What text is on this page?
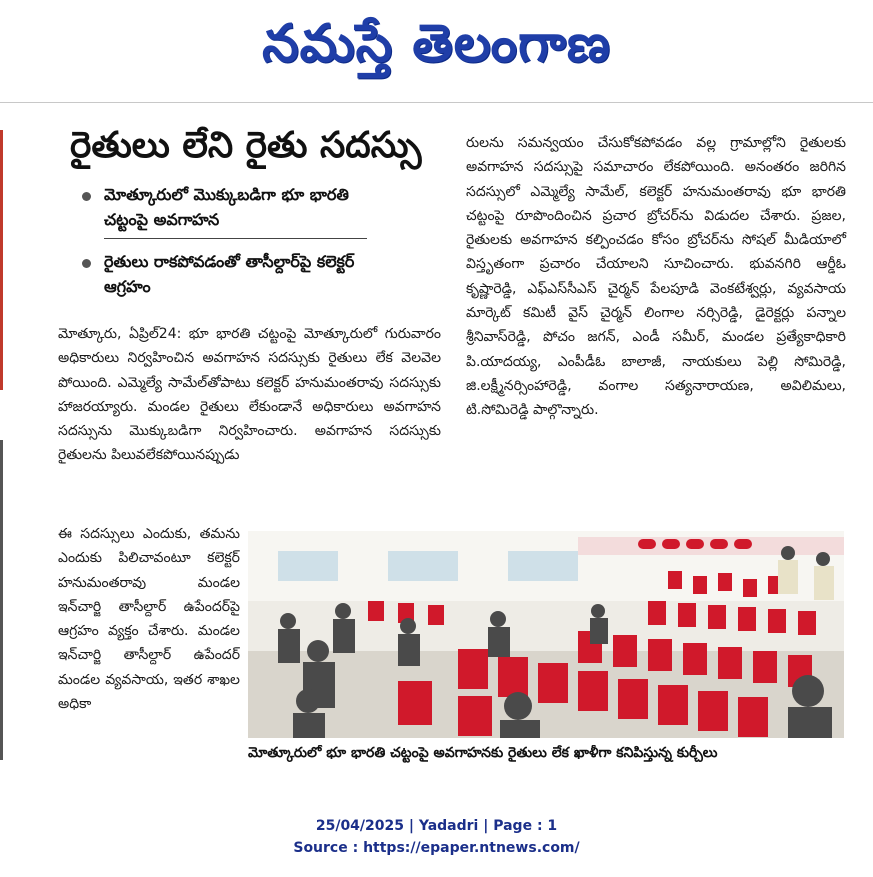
నమస్తే తెలంగాణ
రైతులు లేని రైతు సదస్సు
మోత్కూరులో మొక్కుబడిగా భూ భారతి చట్టంపై అవగాహన
రైతులు రాకపోవడంతో తాసీల్దార్‌పై కలెక్టర్ ఆగ్రహం
మోత్కూరు, ఏప్రిల్24: భూ భారతి చట్టంపై మోత్కూరులో గురువారం అధికారులు నిర్వహించిన అవగాహన సదస్సుకు రైతులు లేక వెలవెల పోయింది. ఎమ్మెల్యే సామేల్‌తోపాటు కలెక్టర్ హనుమంతరావు సదస్సుకు హాజరయ్యారు. మండల రైతులు లేకుండానే అధికారులు అవగాహన సదస్సును మొక్కుబడిగా నిర్వహించారు. అవగాహన సదస్సుకు రైతులను పిలువలేకపోయినప్పుడు
ఈ సదస్సులు ఎందుకు, తమను ఎందుకు పిలిచావంటూ కలెక్టర్ హనుమంతరావు మండల ఇన్‌చార్జి తాసీల్దార్ ఉపేందర్‌పై ఆగ్రహం వ్యక్తం చేశారు. మండల ఇన్‌చార్జి తాసీల్దార్ ఉపేందర్ మండల వ్యవసాయ, ఇతర శాఖల అధికా
రులను సమన్వయం చేసుకోకపోవడం వల్ల గ్రామాల్లోని రైతులకు అవగాహన సదస్సుపై సమాచారం లేకపోయింది. అనంతరం జరిగిన సదస్సులో ఎమ్మెల్యే సామేల్, కలెక్టర్ హనుమంతరావు భూ భారతి చట్టంపై రూపొందించిన ప్రచార బ్రోచర్‌ను విడుదల చేశారు. ప్రజల, రైతులకు అవగాహన కల్పించడం కోసం బ్రోచర్‌ను సోషల్ మీడియాలో విస్తృతంగా ప్రచారం చేయాలని సూచించారు. భువనగిరి ఆర్డీఓ కృష్ణారెడ్డి, ఎఫ్‌ఎస్‌సీఎస్ చైర్మన్ పేలపూడి వెంకటేశ్వర్లు, వ్యవసాయ మార్కెట్ కమిటీ వైస్ చైర్మన్ లింగాల నర్సిరెడ్డి, డైరెక్టర్లు పన్నాల శ్రీనివాస్‌రెడ్డి, పోచం జగన్, ఎండీ సమీర్, మండల ప్రత్యేకాధికారి పి.యాదయ్య, ఎంపీడీఓ బాలాజీ, నాయకులు పెల్లి సోమిరెడ్డి, జి.లక్ష్మీనర్సింహారెడ్డి, వంగాల సత్యనారాయణ, అవిలిమలు, టి.సోమిరెడ్డి పాల్గొన్నారు.
మోత్కూరులో భూ భారతి చట్టంపై అవగాహనకు రైతులు లేక ఖాళీగా కనిపిస్తున్న కుర్చీలు
25/04/2025 | Yadadri | Page : 1
Source : https://epaper.ntnews.com/
